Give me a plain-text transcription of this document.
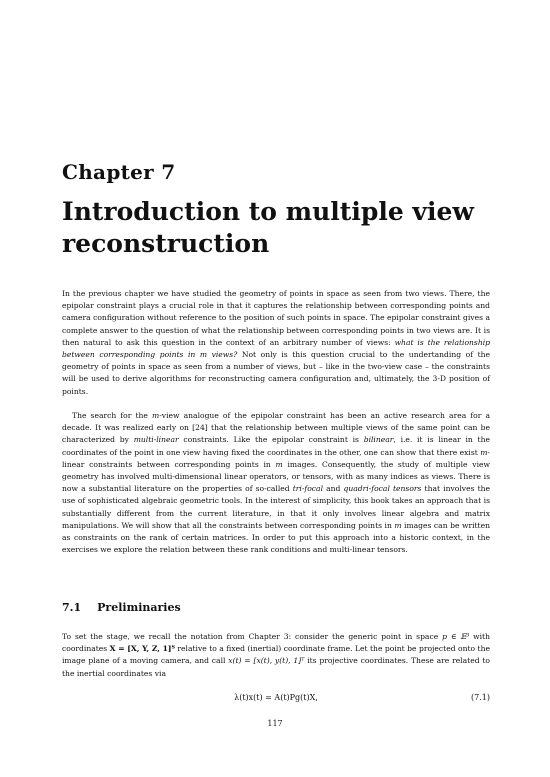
Chapter 7
Introduction to multiple view
reconstruction

In the previous chapter we have studied the geometry of points in space as seen from two views. There, the epipolar constraint plays a crucial role in that it captures the relationship between corresponding points and camera configuration without reference to the position of such points in space. The epipolar constraint gives a complete answer to the question of what the relationship between corresponding points in two views are. It is then natural to ask this question in the context of an arbitrary number of views: what is the relationship between corresponding points in m views? Not only is this question crucial to the undertanding of the geometry of points in space as seen from a number of views, but – like in the two-view case – the constraints will be used to derive algorithms for reconstructing camera configuration and, ultimately, the 3-D position of points.

The search for the m-view analogue of the epipolar constraint has been an active research area for a decade. It was realized early on [24] that the relationship between multiple views of the same point can be characterized by multi-linear constraints. Like the epipolar constraint is bilinear, i.e. it is linear in the coordinates of the point in one view having fixed the coordinates in the other, one can show that there exist m-linear constraints between corresponding points in m images. Consequently, the study of multiple view geometry has involved multi-dimensional linear operators, or tensors, with as many indices as views. There is now a substantial literature on the properties of so-called tri-focal and quadri-focal tensors that involves the use of sophisticated algebraic geometric tools. In the interest of simplicity, this book takes an approach that is substantially different from the current literature, in that it only involves linear algebra and matrix manipulations. We will show that all the constraints between corresponding points in m images can be written as constraints on the rank of certain matrices. In order to put this approach into a historic context, in the exercises we explore the relation between these rank conditions and multi-linear tensors.

7.1 Preliminaries

To set the stage, we recall the notation from Chapter 3: consider the generic point in space p ∈ 𝔼³ with coordinates X = [X, Y, Z, 1]ᵀ relative to a fixed (inertial) coordinate frame. Let the point be projected onto the image plane of a moving camera, and call x(t) = [x(t), y(t), 1]ᵀ its projective coordinates. These are related to the inertial coordinates via

λ(t)x(t) = A(t)Pg(t)X,	(7.1)
117
